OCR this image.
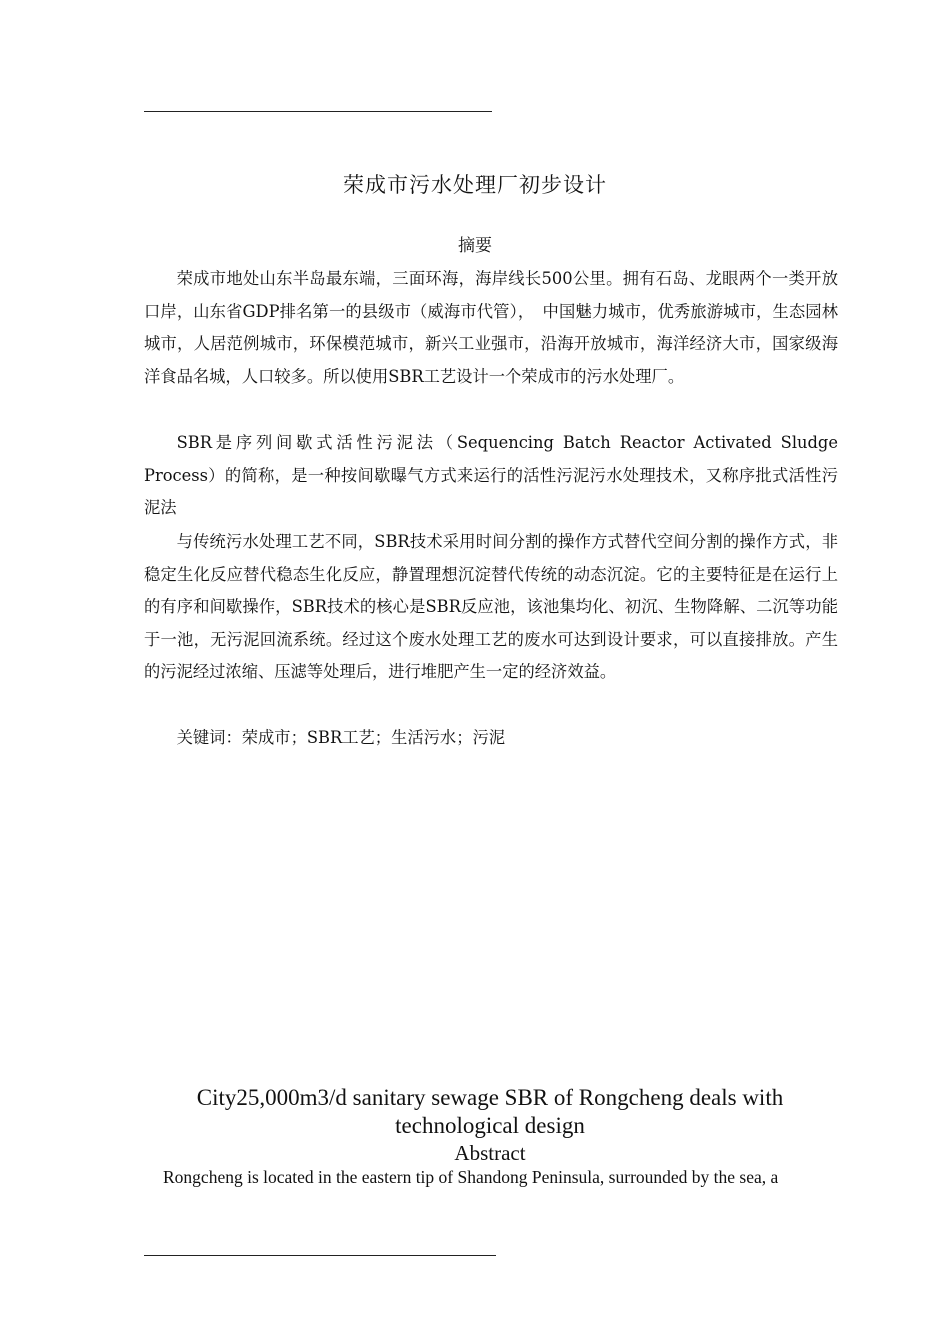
荣成市污水处理厂初步设计
摘要

荣成市地处山东半岛最东端，三面环海，海岸线长500公里。拥有石岛、龙眼两个一类开放口岸，山东省GDP排名第一的县级市（威海市代管），　中国魅力城市，优秀旅游城市，生态园林城市，人居范例城市，环保模范城市，新兴工业强市，沿海开放城市，海洋经济大市，国家级海洋食品名城，人口较多。所以使用SBR工艺设计一个荣成市的污水处理厂。

SBR是序列间歇式活性污泥法（Sequencing Batch Reactor Activated Sludge Process）的简称，是一种按间歇曝气方式来运行的活性污泥污水处理技术，又称序批式活性污泥法

与传统污水处理工艺不同，SBR技术采用时间分割的操作方式替代空间分割的操作方式，非稳定生化反应替代稳态生化反应，静置理想沉淀替代传统的动态沉淀。它的主要特征是在运行上的有序和间歇操作，SBR技术的核心是SBR反应池，该池集均化、初沉、生物降解、二沉等功能于一池，无污泥回流系统。经过这个废水处理工艺的废水可达到设计要求，可以直接排放。产生的污泥经过浓缩、压滤等处理后，进行堆肥产生一定的经济效益。

关键词：荣成市；SBR工艺；生活污水；污泥

City25,000m3/d sanitary sewage SBR of Rongcheng deals with technological design
Abstract
Rongcheng is located in the eastern tip of Shandong Peninsula, surrounded by the sea, a
